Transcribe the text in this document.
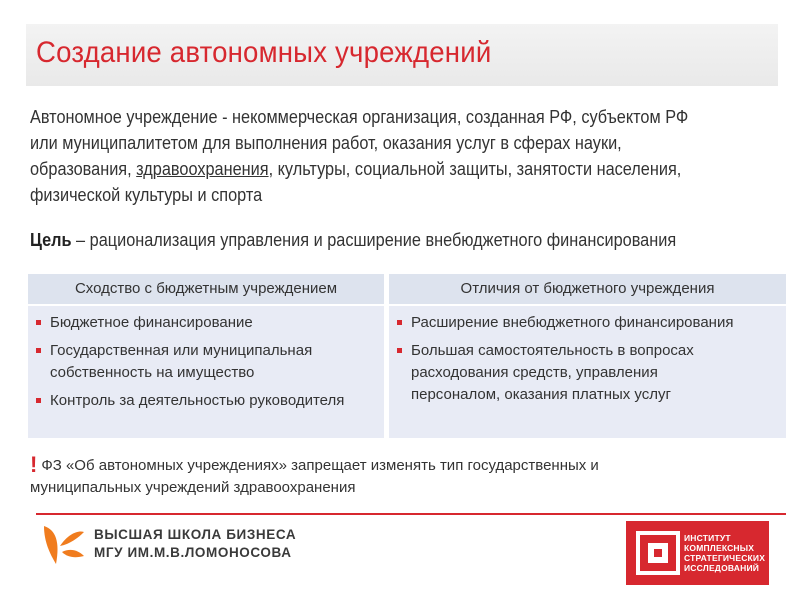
Создание автономных учреждений
Автономное учреждение - некоммерческая организация, созданная РФ, субъектом РФ
или муниципалитетом для выполнения работ, оказания услуг в сферах науки,
образования, здравоохранения, культуры, социальной защиты, занятости населения,
физической культуры и спорта
Цель – рационализация управления и расширение внебюджетного финансирования
Сходство с бюджетным учреждением
Бюджетное финансирование
Государственная или муниципальная
собственность на имущество
Контроль за деятельностью руководителя
Отличия от бюджетного учреждения
Расширение внебюджетного финансирования
Большая самостоятельность в вопросах
расходования средств, управления
персоналом, оказания платных услуг
! ФЗ «Об автономных учреждениях» запрещает изменять тип государственных и
муниципальных учреждений здравоохранения
ВЫСШАЯ ШКОЛА БИЗНЕСА
МГУ ИМ.М.В.ЛОМОНОСОВА
ИНСТИТУТ
КОМПЛЕКСНЫХ
СТРАТЕГИЧЕСКИХ
ИССЛЕДОВАНИЙ
